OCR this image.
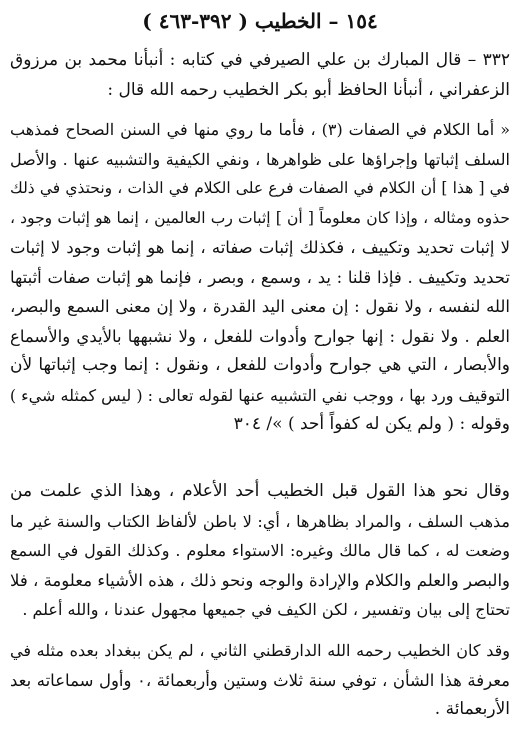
١٥٤ – الخطيب ( ٣٩٢-٤٦٣ )
٣٣٢ – قال المبارك بن علي الصيرفي في كتابه : أنبأنا محمد بن مرزوق
الزعفراني ، أنبأنا الحافظ أبو بكر الخطيب رحمه الله قال :
« أما الكلام في الصفات (٣) ، فأما ما روي منها في السنن الصحاح فمذهب
السلف إثباتها وإجراؤها على ظواهرها ، ونفي الكيفية والتشبيه عنها . والأصل
في [ هذا ] أن الكلام في الصفات فرع على الكلام في الذات ، ونحتذي في ذلك
حذوه ومثاله ، وإذا كان معلوماً [ أن ] إثبات رب العالمين ، إنما هو إثبات وجود ،
لا إثبات تحديد وتكييف ، فكذلك إثبات صفاته ، إنما هو إثبات وجود لا إثبات
تحديد وتكييف . فإذا قلنا : يد ، وسمع ، وبصر ، فإنما هو إثبات صفات أثبتها
الله لنفسه ، ولا نقول : إن معنى اليد القدرة ، ولا إن معنى السمع والبصر،
العلم . ولا نقول : إنها جوارح وأدوات للفعل ، ولا نشبهها بالأيدي والأسماع
والأبصار ، التي هي جوارح وأدوات للفعل ، ونقول : إنما وجب إثباتها لأن
التوقيف ورد بها ، ووجب نفي التشبيه عنها لقوله تعالى : ( ليس كمثله شيء )
وقوله : ( ولم يكن له كفواً أحد ) »/ ٣٠٤
وقال نحو هذا القول قبل الخطيب أحد الأعلام ، وهذا الذي علمت من
مذهب السلف ، والمراد بظاهرها ، أي: لا باطن لألفاظ الكتاب والسنة غير ما
وضعت له ، كما قال مالك وغيره: الاستواء معلوم . وكذلك القول في السمع
والبصر والعلم والكلام والإرادة والوجه ونحو ذلك ، هذه الأشياء معلومة ، فلا
تحتاج إلى بيان وتفسير ، لكن الكيف في جميعها مجهول عندنا ، والله أعلم .
وقد كان الخطيب رحمه الله الدارقطني الثاني ، لم يكن ببغداد بعده مثله في
معرفة هذا الشأن ، توفي سنة ثلاث وستين وأربعمائة ،٠ وأول سماعاته بعد
الأربعمائة .
